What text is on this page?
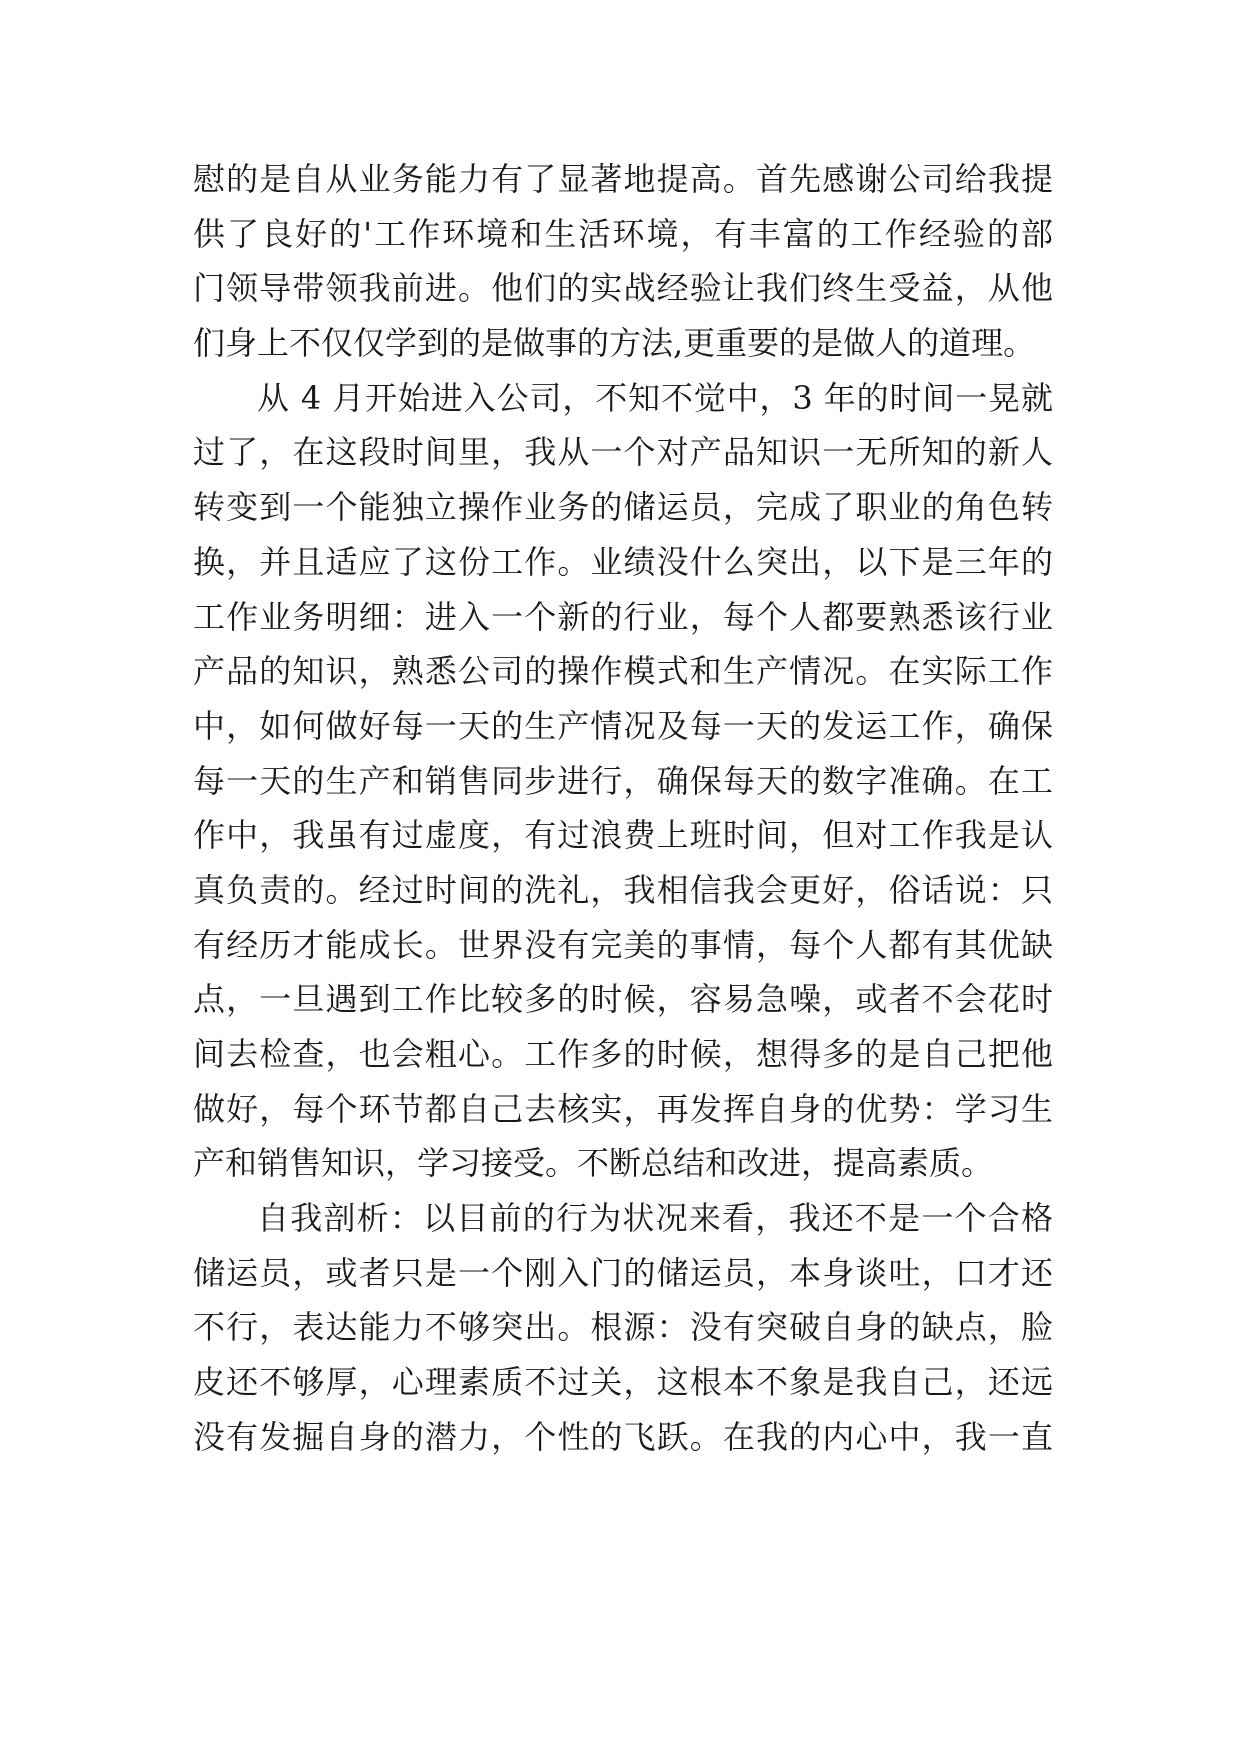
慰的是自从业务能力有了显著地提高。首先感谢公司给我提
供了良好的'工作环境和生活环境，有丰富的工作经验的部
门领导带领我前进。他们的实战经验让我们终生受益，从他
们身上不仅仅学到的是做事的方法,更重要的是做人的道理。
从 4 月开始进入公司，不知不觉中，3 年的时间一晃就
过了，在这段时间里，我从一个对产品知识一无所知的新人
转变到一个能独立操作业务的储运员，完成了职业的角色转
换，并且适应了这份工作。业绩没什么突出，以下是三年的
工作业务明细：进入一个新的行业，每个人都要熟悉该行业
产品的知识，熟悉公司的操作模式和生产情况。在实际工作
中，如何做好每一天的生产情况及每一天的发运工作，确保
每一天的生产和销售同步进行，确保每天的数字准确。在工
作中，我虽有过虚度，有过浪费上班时间，但对工作我是认
真负责的。经过时间的洗礼，我相信我会更好，俗话说：只
有经历才能成长。世界没有完美的事情，每个人都有其优缺
点，一旦遇到工作比较多的时候，容易急噪，或者不会花时
间去检查，也会粗心。工作多的时候，想得多的是自己把他
做好，每个环节都自己去核实，再发挥自身的优势：学习生
产和销售知识，学习接受。不断总结和改进，提高素质。
自我剖析：以目前的行为状况来看，我还不是一个合格
储运员，或者只是一个刚入门的储运员，本身谈吐，口才还
不行，表达能力不够突出。根源：没有突破自身的缺点，脸
皮还不够厚，心理素质不过关，这根本不象是我自己，还远
没有发掘自身的潜力，个性的飞跃。在我的内心中，我一直
